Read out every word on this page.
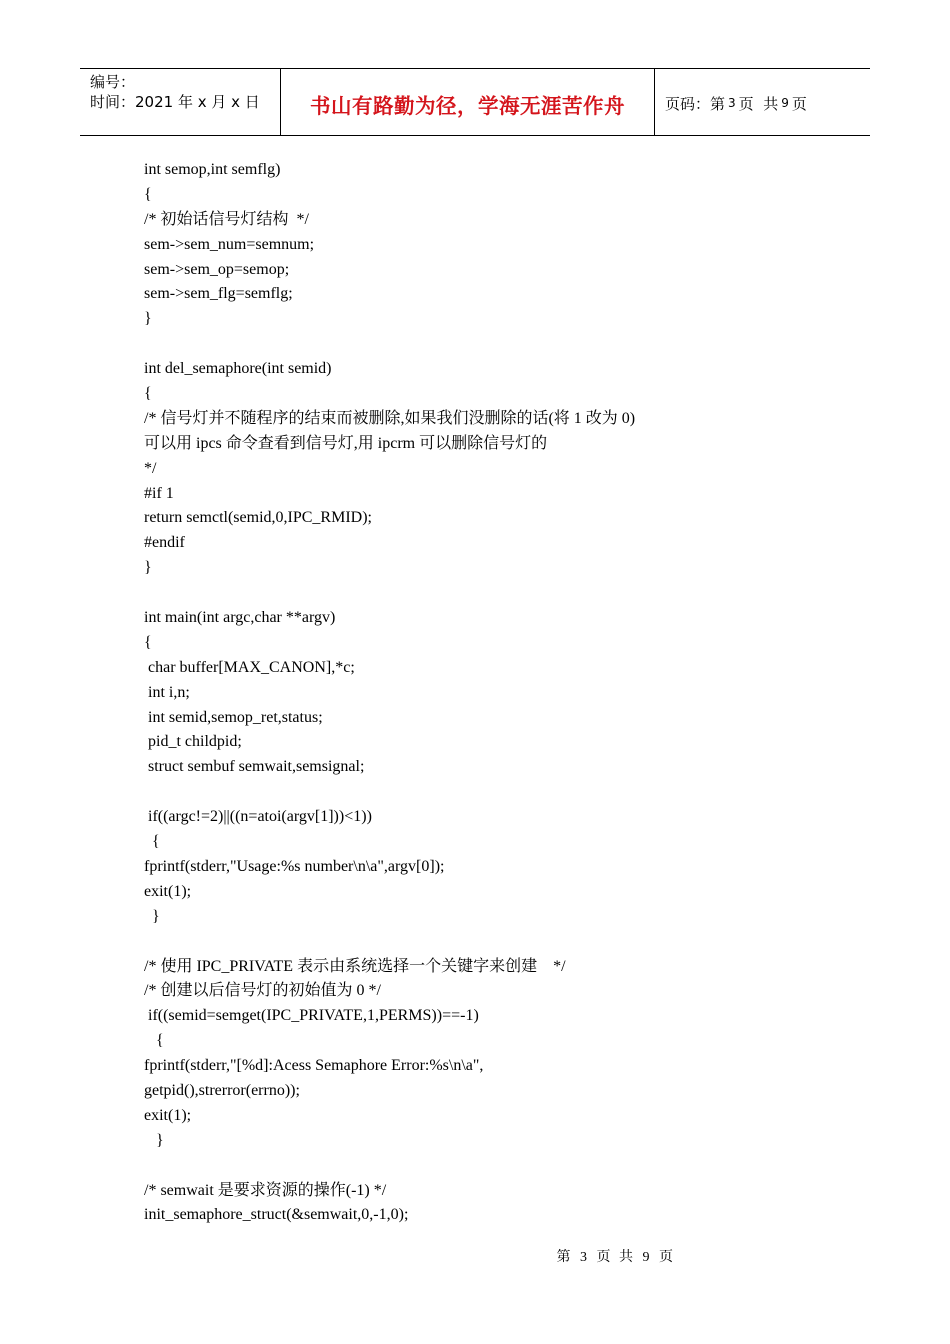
编号：
时间：2021 年 x 月 x 日	书山有路勤为径，学海无涯苦作舟	页码：第 3 页  共 9 页
int semop,int semflg)
{
/* 初始话信号灯结构  */
sem->sem_num=semnum;
sem->sem_op=semop;
sem->sem_flg=semflg;
}
int del_semaphore(int semid)
{
/* 信号灯并不随程序的结束而被删除,如果我们没删除的话(将 1 改为 0)
可以用 ipcs 命令查看到信号灯,用 ipcrm 可以删除信号灯的
*/
#if 1
return semctl(semid,0,IPC_RMID);
#endif
}
int main(int argc,char **argv)
{
char buffer[MAX_CANON],*c;
int i,n;
int semid,semop_ret,status;
pid_t childpid;
struct sembuf semwait,semsignal;
if((argc!=2)||((n=atoi(argv[1]))<1))
{
fprintf(stderr,"Usage:%s number\n\a",argv[0]);
exit(1);
}
/* 使用 IPC_PRIVATE 表示由系统选择一个关键字来创建    */
/* 创建以后信号灯的初始值为 0 */
if((semid=semget(IPC_PRIVATE,1,PERMS))==-1)
{
fprintf(stderr,"[%d]:Acess Semaphore Error:%s\n\a",
getpid(),strerror(errno));
exit(1);
}
/* semwait 是要求资源的操作(-1) */
init_semaphore_struct(&semwait,0,-1,0);
第 3 页  共 9 页
